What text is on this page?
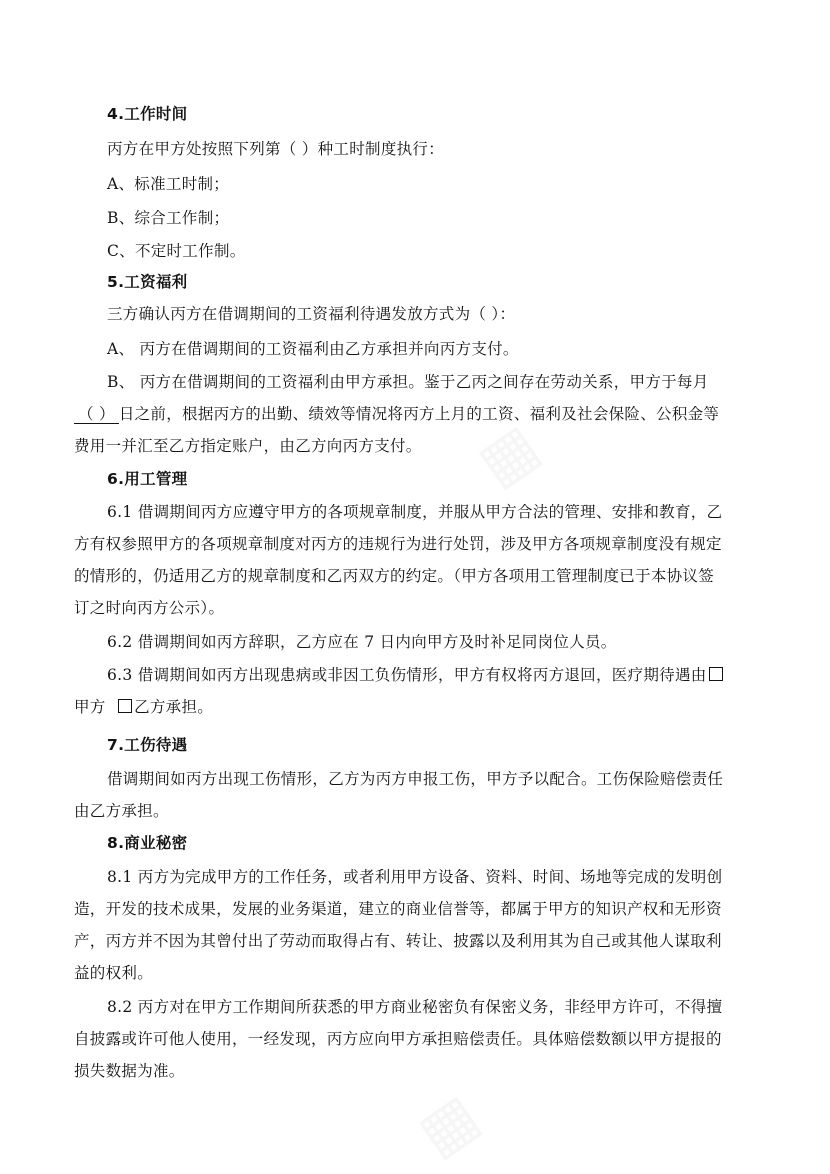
4.工作时间
丙方在甲方处按照下列第（ ）种工时制度执行：
A、标准工时制；
B、综合工作制；
C、不定时工作制。
5.工资福利
三方确认丙方在借调期间的工资福利待遇发放方式为（ ）：
A、 丙方在借调期间的工资福利由乙方承担并向丙方支付。
B、 丙方在借调期间的工资福利由甲方承担。鉴于乙丙之间存在劳动关系，甲方于每月
（ ） 日之前，根据丙方的出勤、绩效等情况将丙方上月的工资、福利及社会保险、公积金等
费用一并汇至乙方指定账户，由乙方向丙方支付。
6.用工管理
6.1 借调期间丙方应遵守甲方的各项规章制度，并服从甲方合法的管理、安排和教育，乙
方有权参照甲方的各项规章制度对丙方的违规行为进行处罚，涉及甲方各项规章制度没有规定
的情形的，仍适用乙方的规章制度和乙丙双方的约定。（甲方各项用工管理制度已于本协议签
订之时向丙方公示）。
6.2 借调期间如丙方辞职，乙方应在 7 日内向甲方及时补足同岗位人员。
6.3 借调期间如丙方出现患病或非因工负伤情形，甲方有权将丙方退回，医疗期待遇由
甲方 乙方承担。
7.工伤待遇
借调期间如丙方出现工伤情形，乙方为丙方申报工伤，甲方予以配合。工伤保险赔偿责任
由乙方承担。
8.商业秘密
8.1 丙方为完成甲方的工作任务，或者利用甲方设备、资料、时间、场地等完成的发明创
造，开发的技术成果，发展的业务渠道，建立的商业信誉等，都属于甲方的知识产权和无形资
产，丙方并不因为其曾付出了劳动而取得占有、转让、披露以及利用其为自己或其他人谋取利
益的权利。
8.2 丙方对在甲方工作期间所获悉的甲方商业秘密负有保密义务，非经甲方许可，不得擅
自披露或许可他人使用，一经发现，丙方应向甲方承担赔偿责任。具体赔偿数额以甲方提报的
损失数据为准。
▦
▦
